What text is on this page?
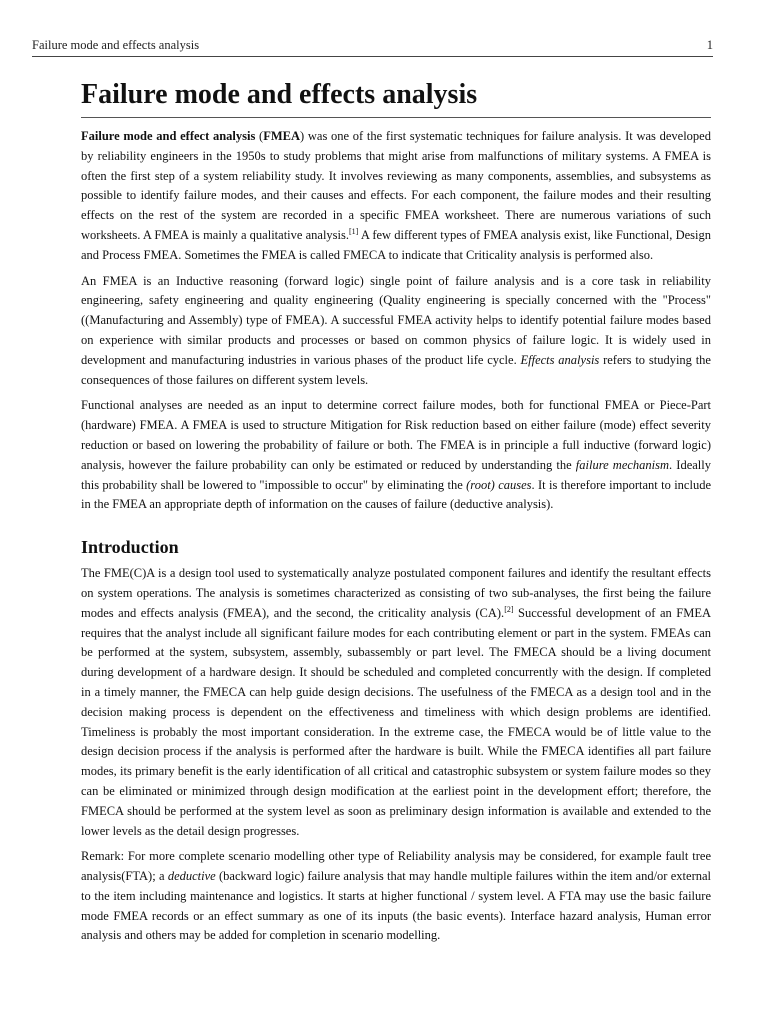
Failure mode and effects analysis	1
Failure mode and effects analysis

Failure mode and effect analysis (FMEA) was one of the first systematic techniques for failure analysis. It was developed by reliability engineers in the 1950s to study problems that might arise from malfunctions of military systems. A FMEA is often the first step of a system reliability study. It involves reviewing as many components, assemblies, and subsystems as possible to identify failure modes, and their causes and effects. For each component, the failure modes and their resulting effects on the rest of the system are recorded in a specific FMEA worksheet. There are numerous variations of such worksheets. A FMEA is mainly a qualitative analysis.[1] A few different types of FMEA analysis exist, like Functional, Design and Process FMEA. Sometimes the FMEA is called FMECA to indicate that Criticality analysis is performed also.

An FMEA is an Inductive reasoning (forward logic) single point of failure analysis and is a core task in reliability engineering, safety engineering and quality engineering (Quality engineering is specially concerned with the "Process" ((Manufacturing and Assembly) type of FMEA). A successful FMEA activity helps to identify potential failure modes based on experience with similar products and processes or based on common physics of failure logic. It is widely used in development and manufacturing industries in various phases of the product life cycle. Effects analysis refers to studying the consequences of those failures on different system levels.

Functional analyses are needed as an input to determine correct failure modes, both for functional FMEA or Piece-Part (hardware) FMEA. A FMEA is used to structure Mitigation for Risk reduction based on either failure (mode) effect severity reduction or based on lowering the probability of failure or both. The FMEA is in principle a full inductive (forward logic) analysis, however the failure probability can only be estimated or reduced by understanding the failure mechanism. Ideally this probability shall be lowered to "impossible to occur" by eliminating the (root) causes. It is therefore important to include in the FMEA an appropriate depth of information on the causes of failure (deductive analysis).

Introduction

The FME(C)A is a design tool used to systematically analyze postulated component failures and identify the resultant effects on system operations. The analysis is sometimes characterized as consisting of two sub-analyses, the first being the failure modes and effects analysis (FMEA), and the second, the criticality analysis (CA).[2] Successful development of an FMEA requires that the analyst include all significant failure modes for each contributing element or part in the system. FMEAs can be performed at the system, subsystem, assembly, subassembly or part level. The FMECA should be a living document during development of a hardware design. It should be scheduled and completed concurrently with the design. If completed in a timely manner, the FMECA can help guide design decisions. The usefulness of the FMECA as a design tool and in the decision making process is dependent on the effectiveness and timeliness with which design problems are identified. Timeliness is probably the most important consideration. In the extreme case, the FMECA would be of little value to the design decision process if the analysis is performed after the hardware is built. While the FMECA identifies all part failure modes, its primary benefit is the early identification of all critical and catastrophic subsystem or system failure modes so they can be eliminated or minimized through design modification at the earliest point in the development effort; therefore, the FMECA should be performed at the system level as soon as preliminary design information is available and extended to the lower levels as the detail design progresses.

Remark: For more complete scenario modelling other type of Reliability analysis may be considered, for example fault tree analysis(FTA); a deductive (backward logic) failure analysis that may handle multiple failures within the item and/or external to the item including maintenance and logistics. It starts at higher functional / system level. A FTA may use the basic failure mode FMEA records or an effect summary as one of its inputs (the basic events). Interface hazard analysis, Human error analysis and others may be added for completion in scenario modelling.
